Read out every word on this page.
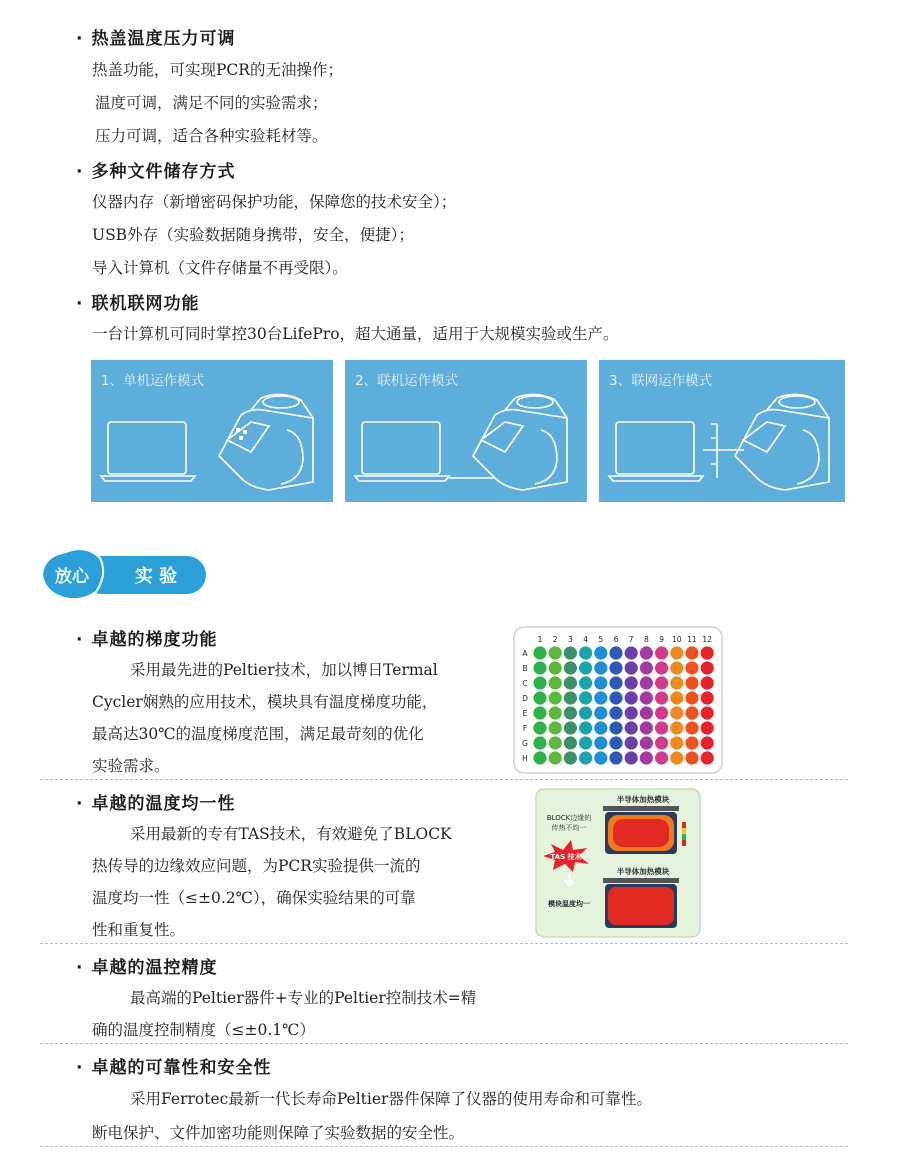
· 热盖温度压力可调
热盖功能，可实现PCR的无油操作；
温度可调，满足不同的实验需求；
压力可调，适合各种实验耗材等。
· 多种文件储存方式
仪器内存（新增密码保护功能，保障您的技术安全）；
USB外存（实验数据随身携带，安全，便捷）；
导入计算机（文件存储量不再受限）。
· 联机联网功能
一台计算机可同时掌控30台LifePro，超大通量，适用于大规模实验或生产。
1、单机运作模式	2、联机运作模式	3、联网运作模式
放心	实 验
· 卓越的梯度功能
采用最先进的Peltier技术，加以博日Termal
Cycler娴熟的应用技术，模块具有温度梯度功能，
最高达30℃的温度梯度范围，满足最苛刻的优化
实验需求。
1 2 3 4 5 6 7 8 9 10 11 12
A
B
C
D
E
F
G
H
· 卓越的温度均一性
采用最新的专有TAS技术，有效避免了BLOCK
热传导的边缘效应问题，为PCR实验提供一流的
温度均一性（≤±0.2℃），确保实验结果的可靠
性和重复性。
半导体加热模块
BLOCK边缘的
传热不均一
TAS 技术
半导体加热模块
模块温度均一
· 卓越的温控精度
最高端的Peltier器件+专业的Peltier控制技术=精
确的温度控制精度（≤±0.1℃）
· 卓越的可靠性和安全性
采用Ferrotec最新一代长寿命Peltier器件保障了仪器的使用寿命和可靠性。
断电保护、文件加密功能则保障了实验数据的安全性。
